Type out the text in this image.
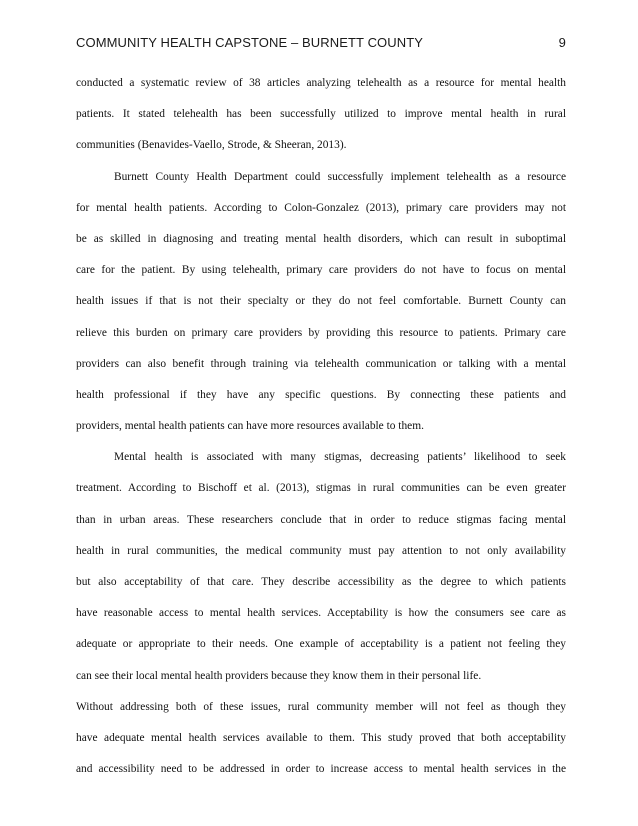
COMMUNITY HEALTH CAPSTONE – BURNETT COUNTY	9
conducted a systematic review of 38 articles analyzing telehealth as a resource for mental health
patients. It stated telehealth has been successfully utilized to improve mental health in rural
communities (Benavides-Vaello, Strode, & Sheeran, 2013).
Burnett County Health Department could successfully implement telehealth as a resource
for mental health patients. According to Colon-Gonzalez (2013), primary care providers may not
be as skilled in diagnosing and treating mental health disorders, which can result in suboptimal
care for the patient. By using telehealth, primary care providers do not have to focus on mental
health issues if that is not their specialty or they do not feel comfortable. Burnett County can
relieve this burden on primary care providers by providing this resource to patients. Primary care
providers can also benefit through training via telehealth communication or talking with a mental
health professional if they have any specific questions. By connecting these patients and
providers, mental health patients can have more resources available to them.
Mental health is associated with many stigmas, decreasing patients’ likelihood to seek
treatment. According to Bischoff et al. (2013), stigmas in rural communities can be even greater
than in urban areas. These researchers conclude that in order to reduce stigmas facing mental
health in rural communities, the medical community must pay attention to not only availability
but also acceptability of that care. They describe accessibility as the degree to which patients
have reasonable access to mental health services. Acceptability is how the consumers see care as
adequate or appropriate to their needs. One example of acceptability is a patient not feeling they
can see their local mental health providers because they know them in their personal life.
Without addressing both of these issues, rural community member will not feel as though they
have adequate mental health services available to them. This study proved that both acceptability
and accessibility need to be addressed in order to increase access to mental health services in the
